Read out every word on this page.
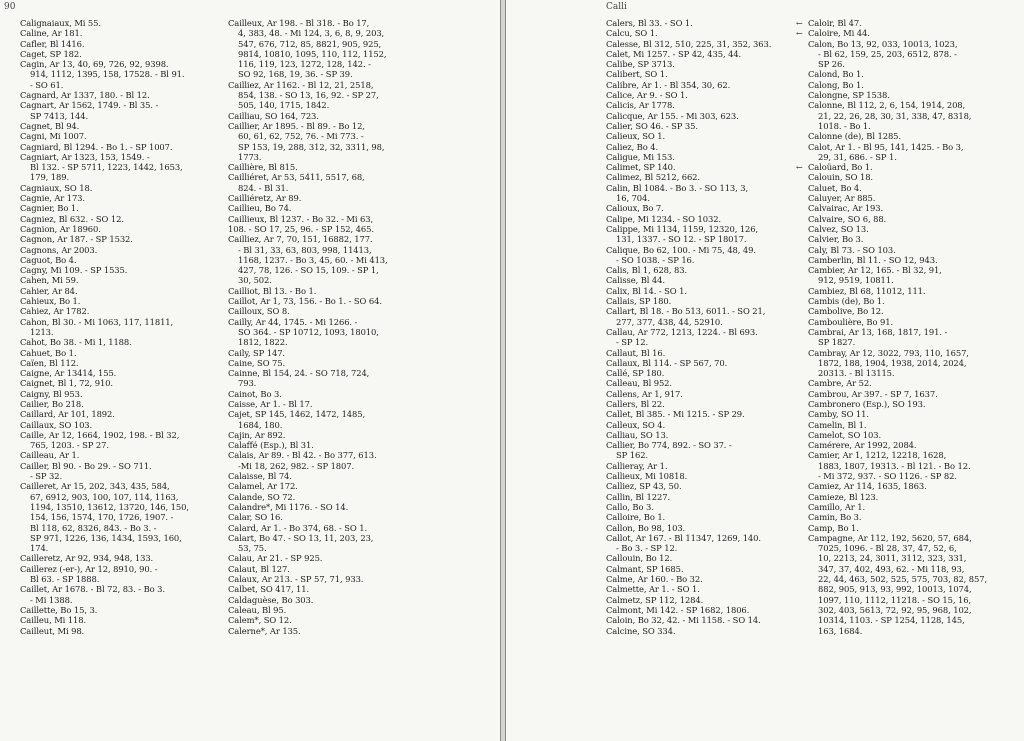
90
Calignaiaux, Mi 55.
Caline, Ar 181.
Cafler, Bl 1416.
Caget, SP 182.
Cagin, Ar 13, 40, 69, 726, 92, 9398.
914, 1112, 1395, 158, 17528. - Bl 91.
- SO 61.
Cagnard, Ar 1337, 180. - Bl 12.
Cagnart, Ar 1562, 1749. - Bl 35. -
SP 7413, 144.
Cagnet, Bl 94.
Cagni, Mi 1007.
Cagniard, Bl 1294. - Bo 1. - SP 1007.
Cagniart, Ar 1323, 153, 1549. -
Bl 132. - SP 5711, 1223, 1442, 1653,
179, 189.
Cagniaux, SO 18.
Cagnie, Ar 173.
Cagnier, Bo 1.
Cagniez, Bl 632. - SO 12.
Cagnion, Ar 18960.
Cagnon, Ar 187. - SP 1532.
Cagnons, Ar 2003.
Caguot, Bo 4.
Cagny, Mi 109. - SP 1535.
Cahen, Mi 59.
Cahier, Ar 84.
Cahieux, Bo 1.
Cahiez, Ar 1782.
Cahon, Bl 30. - Mi 1063, 117, 11811,
1213.
Cahot, Bo 38. - Mi 1, 1188.
Cahuet, Bo 1.
Caïen, Bl 112.
Caigne, Ar 13414, 155.
Caignet, Bl 1, 72, 910.
Caigny, Bl 953.
Cailier, Bo 218.
Caillard, Ar 101, 1892.
Caillaux, SO 103.
Caille, Ar 12, 1664, 1902, 198. - Bl 32,
765, 1203. - SP 27.
Cailleau, Ar 1.
Cailler, Bl 90. - Bo 29. - SO 711.
- SP 32.
Cailleret, Ar 15, 202, 343, 435, 584,
67, 6912, 903, 100, 107, 114, 1163,
1194, 13510, 13612, 13720, 146, 150,
154, 156, 1574, 170, 1726, 1907. -
Bl 118, 62, 8326, 843. - Bo 3. -
SP 971, 1226, 136, 1434, 1593, 160,
174.
Cailleretz, Ar 92, 934, 948, 133.
Caillerez (-er-), Ar 12, 8910, 90. -
Bl 63. - SP 1888.
Caillet, Ar 1678. - Bl 72, 83. - Bo 3.
- Mi 1388.
Caillette, Bo 15, 3.
Cailleu, Mi 118.
Cailleut, Mi 98.
Cailleux, Ar 198. - Bl 318. - Bo 17,
4, 383, 48. - Mi 124, 3, 6, 8, 9, 203,
547, 676, 712, 85, 8821, 905, 925,
9814, 10810, 1095, 110, 112, 1152,
116, 119, 123, 1272, 128, 142. -
SO 92, 168, 19, 36. - SP 39.
Cailliez, Ar 1162. - Bl 12, 21, 2518,
854, 138. - SO 13, 16, 92. - SP 27,
505, 140, 1715, 1842.
Cailliau, SO 164, 723.
Caillier, Ar 1895. - Bl 89. - Bo 12,
60, 61, 62, 752, 76. - Mi 773. -
SP 153, 19, 288, 312, 32, 3311, 98,
1773.
Caillière, Bl 815.
Cailliéret, Ar 53, 5411, 5517, 68,
824. - Bl 31.
Cailliéretz, Ar 89.
Caillieu, Bo 74.
Caillieux, Bl 1237. - Bo 32. - Mi 63,
108. - SO 17, 25, 96. - SP 152, 465.
Cailliez, Ar 7, 70, 151, 16882, 177.
- Bl 31, 33, 63, 803, 998, 11413,
1168, 1237. - Bo 3, 45, 60. - Mi 413,
427, 78, 126. - SO 15, 109. - SP 1,
30, 502.
Cailliot, Bl 13. - Bo 1.
Caillot, Ar 1, 73, 156. - Bo 1. - SO 64.
Cailloux, SO 8.
Cailly, Ar 44, 1745. - Mi 1266. -
SO 364. - SP 10712, 1093, 18010,
1812, 1822.
Caily, SP 147.
Caine, SO 75.
Cainne, Bl 154, 24. - SO 718, 724,
793.
Cainot, Bo 3.
Caisse, Ar 1. - Bl 17.
Cajet, SP 145, 1462, 1472, 1485,
1684, 180.
Cajin, Ar 892.
Calaffé (Esp.), Bl 31.
Calais, Ar 89. - Bl 42. - Bo 377, 613.
-Mi 18, 262, 982. - SP 1807.
Calaisse, Bl 74.
Calamel, Ar 172.
Calande, SO 72.
Calandre*, Mi 1176. - SO 14.
Calar, SO 16.
Calard, Ar 1. - Bo 374, 68. - SO 1.
Calart, Bo 47. - SO 13, 11, 203, 23,
53, 75.
Calau, Ar 21. - SP 925.
Calaut, Bl 127.
Calaux, Ar 213. - SP 57, 71, 933.
Calbet, SO 417, 11.
Caldaguèse, Bo 303.
Caleau, Bl 95.
Calem*, SO 12.
Calerne*, Ar 135.
Calli
Calers, Bl 33. - SO 1.
Calcu, SO 1.
Calesse, Bl 312, 510, 225, 31, 352, 363.
Calet, Mi 1257. - SP 42, 435, 44.
Calibe, SP 3713.
Calibert, SO 1.
Calibre, Ar 1. - Bl 354, 30, 62.
Calice, Ar 9. - SO 1.
Calicis, Ar 1778.
Calicque, Ar 155. - Mi 303, 623.
Calier, SO 46. - SP 35.
Calieux, SO 1.
Caliez, Bo 4.
Caligue, Mi 153.
Calimet, SP 140.
Calimez, Bl 5212, 662.
Calin, Bl 1084. - Bo 3. - SO 113, 3,
16, 704.
Calioux, Bo 7.
Calipe, Mi 1234. - SO 1032.
Calippe, Mi 1134, 1159, 12320, 126,
131, 1337. - SO 12. - SP 18017.
Calique, Bo 62, 100. - Mi 75, 48, 49.
- SO 1038. - SP 16.
Calis, Bl 1, 628, 83.
Calisse, Bl 44.
Calix, Bl 14. - SO 1.
Callais, SP 180.
Callart, Bl 18. - Bo 513, 6011. - SO 21,
277, 377, 438, 44, 52910.
Callau, Ar 772, 1213, 1224. - Bl 693.
- SP 12.
Callaut, Bl 16.
Callaux, Bl 114. - SP 567, 70.
Callé, SP 180.
Calleau, Bl 952.
Callens, Ar 1, 917.
Callers, Bl 22.
Callet, Bl 385. - Mi 1215. - SP 29.
Calleux, SO 4.
Calliau, SO 13.
Callier, Bo 774, 892. - SO 37. -
SP 162.
Callieray, Ar 1.
Callieux, Mi 10818.
Calliez, SP 43, 50.
Callin, Bl 1227.
Callo, Bo 3.
Calloire, Bo 1.
Callon, Bo 98, 103.
Callot, Ar 167. - Bl 11347, 1269, 140.
- Bo 3. - SP 12.
Callouin, Bo 12.
Calmant, SP 1685.
Calme, Ar 160. - Bo 32.
Calmette, Ar 1. - SO 1.
Calmetz, SP 112, 1284.
Calmont, Mi 142. - SP 1682, 1806.
Caloin, Bo 32, 42. - Mi 1158. - SO 14.
Calcine, SO 334.
← Caloir, Bl 47.
← Caloire, Mi 44.
Calon, Bo 13, 92, 033, 10013, 1023,
- Bl 62, 159, 25, 203, 6512, 878. -
SP 26.
Calond, Bo 1.
Calong, Bo 1.
Calongne, SP 1538.
Calonne, Bl 112, 2, 6, 154, 1914, 208,
21, 22, 26, 28, 30, 31, 338, 47, 8318,
1018. - Bo 1.
Calonne (de), Bl 1285.
Calot, Ar 1. - Bl 95, 141, 1425. - Bo 3,
29, 31, 686. - SP 1.
← Caloüard, Bo 1.
Calouin, SO 18.
Caluet, Bo 4.
Caluyer, Ar 885.
Calvairac, Ar 193.
Calvaire, SO 6, 88.
Calvez, SO 13.
Calvier, Bo 3.
Caly, Bl 73. - SO 103.
Camberlin, Bl 11. - SO 12, 943.
Cambier, Ar 12, 165. - Bl 32, 91,
912, 9519, 10811.
Cambiez, Bl 68, 11012, 111.
Cambis (de), Bo 1.
Cambolive, Bo 12.
Camboulière, Bo 91.
Cambrai, Ar 13, 168, 1817, 191. -
SP 1827.
Cambray, Ar 12, 3022, 793, 110, 1657,
1872, 188, 1904, 1938, 2014, 2024,
20313. - Bl 13115.
Cambre, Ar 52.
Cambrou, Ar 397. - SP 7, 1637.
Cambronero (Esp.), SO 193.
Camby, SO 11.
Camelin, Bl 1.
Camelot, SO 103.
Camérere, Ar 1992, 2084.
Camier, Ar 1, 1212, 12218, 1628,
1883, 1807, 19313. - Bl 121. - Bo 12.
- Mi 372, 937. - SO 1126. - SP 82.
Camiez, Ar 114, 1635, 1863.
Camieze, Bl 123.
Camillo, Ar 1.
Camin, Bo 3.
Camp, Bo 1.
Campagne, Ar 112, 192, 5620, 57, 684,
7025, 1096. - Bl 28, 37, 47, 52, 6,
10, 2213, 24, 3011, 3112, 323, 331,
347, 37, 402, 493, 62. - Mi 118, 93,
22, 44, 463, 502, 525, 575, 703, 82, 857,
882, 905, 913, 93, 992, 10013, 1074,
1097, 110, 1112, 11218. - SO 15, 16,
302, 403, 5613, 72, 92, 95, 968, 102,
10314, 1103. - SP 1254, 1128, 145,
163, 1684.
